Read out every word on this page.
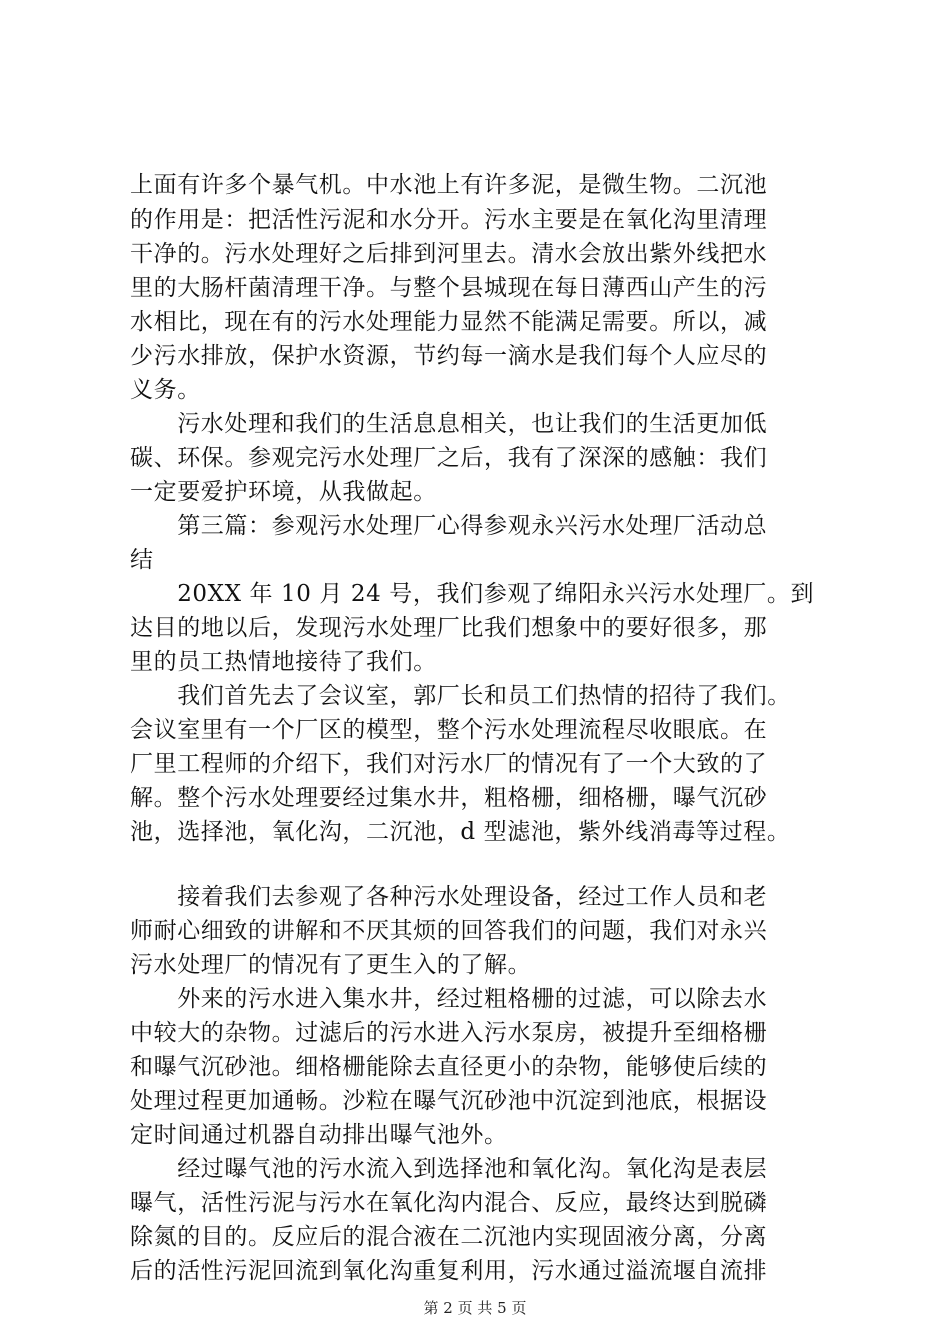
上面有许多个暴气机。中水池上有许多泥，是微生物。二沉池
的作用是：把活性污泥和水分开。污水主要是在氧化沟里清理
干净的。污水处理好之后排到河里去。清水会放出紫外线把水
里的大肠杆菌清理干净。与整个县城现在每日薄西山产生的污
水相比，现在有的污水处理能力显然不能满足需要。所以，减
少污水排放，保护水资源，节约每一滴水是我们每个人应尽的
义务。
　　污水处理和我们的生活息息相关，也让我们的生活更加低
碳、环保。参观完污水处理厂之后，我有了深深的感触：我们
一定要爱护环境，从我做起。
　　第三篇：参观污水处理厂心得参观永兴污水处理厂活动总
结
　　20XX 年 10 月 24 号，我们参观了绵阳永兴污水处理厂。到
达目的地以后，发现污水处理厂比我们想象中的要好很多，那
里的员工热情地接待了我们。
　　我们首先去了会议室，郭厂长和员工们热情的招待了我们。
会议室里有一个厂区的模型，整个污水处理流程尽收眼底。在
厂里工程师的介绍下，我们对污水厂的情况有了一个大致的了
解。整个污水处理要经过集水井，粗格栅，细格栅，曝气沉砂
池，选择池，氧化沟，二沉池，d 型滤池，紫外线消毒等过程。
　　接着我们去参观了各种污水处理设备，经过工作人员和老
师耐心细致的讲解和不厌其烦的回答我们的问题，我们对永兴
污水处理厂的情况有了更生入的了解。
　　外来的污水进入集水井，经过粗格栅的过滤，可以除去水
中较大的杂物。过滤后的污水进入污水泵房，被提升至细格栅
和曝气沉砂池。细格栅能除去直径更小的杂物，能够使后续的
处理过程更加通畅。沙粒在曝气沉砂池中沉淀到池底，根据设
定时间通过机器自动排出曝气池外。
　　经过曝气池的污水流入到选择池和氧化沟。氧化沟是表层
曝气，活性污泥与污水在氧化沟内混合、反应，最终达到脱磷
除氮的目的。反应后的混合液在二沉池内实现固液分离，分离
后的活性污泥回流到氧化沟重复利用，污水通过溢流堰自流排
第 2 页 共 5 页
